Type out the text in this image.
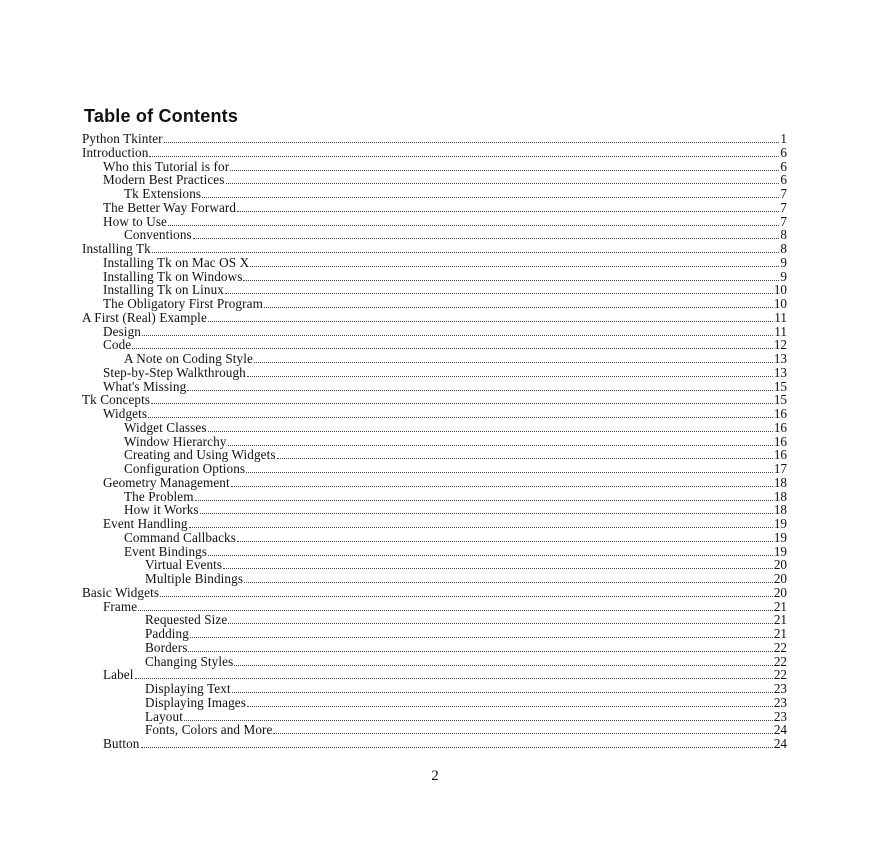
Table of Contents
Python Tkinter	1
Introduction	6
Who this Tutorial is for	6
Modern Best Practices	6
Tk Extensions	7
The Better Way Forward	7
How to Use	7
Conventions	8
Installing Tk	8
Installing Tk on Mac OS X	9
Installing Tk on Windows	9
Installing Tk on Linux	10
The Obligatory First Program	10
A First (Real) Example	11
Design	11
Code	12
A Note on Coding Style	13
Step-by-Step Walkthrough	13
What's Missing	15
Tk Concepts	15
Widgets	16
Widget Classes	16
Window Hierarchy	16
Creating and Using Widgets	16
Configuration Options	17
Geometry Management	18
The Problem	18
How it Works	18
Event Handling	19
Command Callbacks	19
Event Bindings	19
Virtual Events	20
Multiple Bindings	20
Basic Widgets	20
Frame	21
Requested Size	21
Padding	21
Borders	22
Changing Styles	22
Label	22
Displaying Text	23
Displaying Images	23
Layout	23
Fonts, Colors and More	24
Button	24
2
